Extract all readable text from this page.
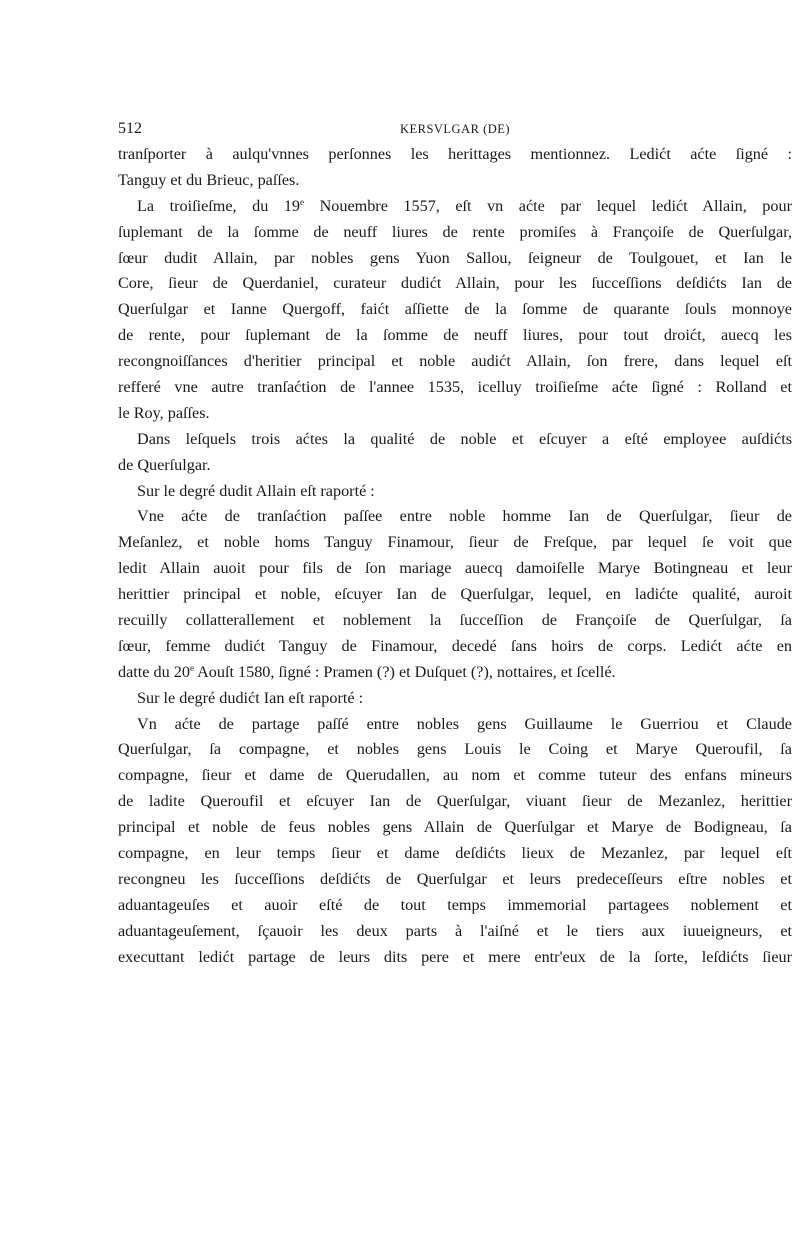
512	KERSVLGAR (DE)
tranſporter à aulqu'vnnes perſonnes les herittages mentionnez. Ledićt aćte ſigné :
Tanguy et du Brieuc, paſſes.
La troiſieſme, du 19e Nouembre 1557, eſt vn aćte par lequel ledićt Allain, pour
ſuplemant de la ſomme de neuff liures de rente promiſes à Françoiſe de Querſulgar,
ſœur dudit Allain, par nobles gens Yuon Sallou, ſeigneur de Toulgouet, et Ian le
Core, ſieur de Querdaniel, curateur dudićt Allain, pour les ſucceſſions deſdićts Ian de
Querſulgar et Ianne Quergoff, faićt aſſiette de la ſomme de quarante ſouls monnoye
de rente, pour ſuplemant de la ſomme de neuff liures, pour tout droićt, auecq les
recongnoiſſances d'heritier principal et noble audićt Allain, ſon frere, dans lequel eſt
refferé vne autre tranſaćtion de l'annee 1535, icelluy troiſieſme aćte ſigné : Rolland et
le Roy, paſſes.
Dans leſquels trois aćtes la qualité de noble et eſcuyer a eſté employee auſdićts
de Querſulgar.
Sur le degré dudit Allain eſt raporté :
Vne aćte de tranſaćtion paſſee entre noble homme Ian de Querſulgar, ſieur de
Meſanlez, et noble homs Tanguy Finamour, ſieur de Freſque, par lequel ſe voit que
ledit Allain auoit pour fils de ſon mariage auecq damoiſelle Marye Botingneau et leur
herittier principal et noble, eſcuyer Ian de Querſulgar, lequel, en ladićte qualité, auroit
recuilly collatterallement et noblement la ſucceſſion de Françoiſe de Querſulgar, ſa
ſœur, femme dudićt Tanguy de Finamour, decedé ſans hoirs de corps. Ledićt aćte en
datte du 20e Aouſt 1580, ſigné : Pramen (?) et Duſquet (?), nottaires, et ſcellé.
Sur le degré dudićt Ian eſt raporté :
Vn aćte de partage paſſé entre nobles gens Guillaume le Guerriou et Claude
Querſulgar, ſa compagne, et nobles gens Louis le Coing et Marye Queroufil, ſa
compagne, ſieur et dame de Querudallen, au nom et comme tuteur des enfans mineurs
de ladite Queroufil et eſcuyer Ian de Querſulgar, viuant ſieur de Mezanlez, herittier
principal et noble de feus nobles gens Allain de Querſulgar et Marye de Bodigneau, ſa
compagne, en leur temps ſieur et dame deſdićts lieux de Mezanlez, par lequel eſt
recongneu les ſucceſſions deſdićts de Querſulgar et leurs predeceſſeurs eſtre nobles et
aduantageuſes et auoir eſté de tout temps immemorial partagees noblement et
aduantageuſement, ſçauoir les deux parts à l'aiſné et le tiers aux iuueigneurs, et
executtant ledićt partage de leurs dits pere et mere entr'eux de la ſorte, leſdićts ſieur
